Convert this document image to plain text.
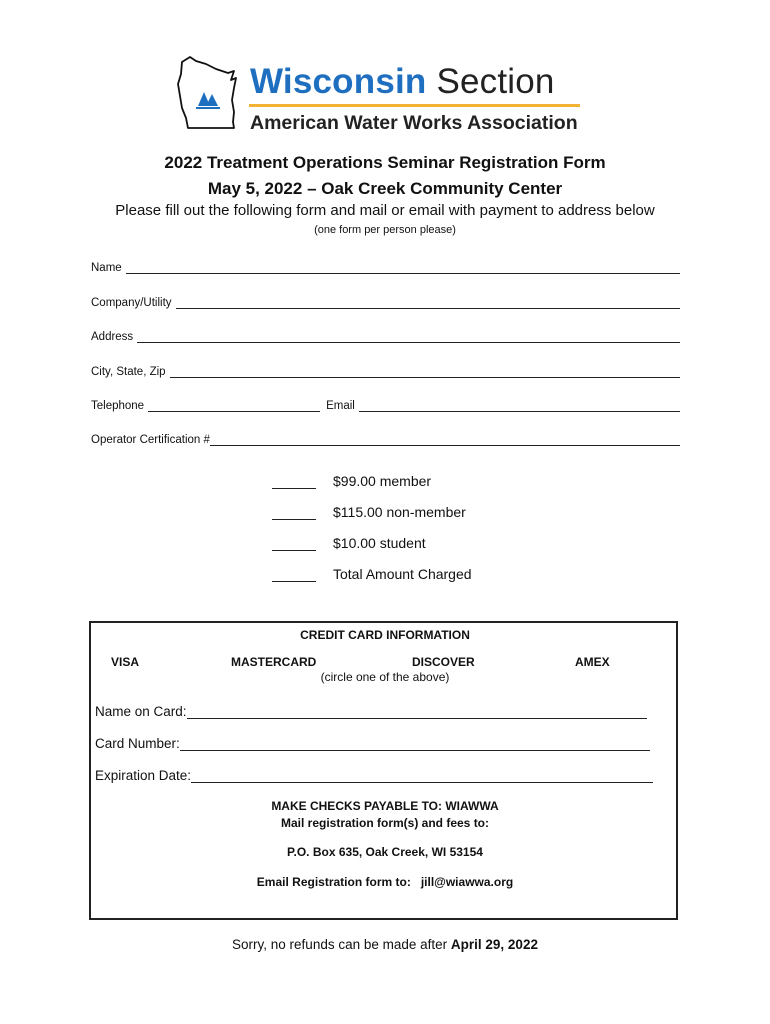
Wisconsin Section
American Water Works Association
2022 Treatment Operations Seminar Registration Form
May 5, 2022 – Oak Creek Community Center
Please fill out the following form and mail or email with payment to address below
(one form per person please)
Name
Company/Utility
Address
City, State, Zip
Telephone	Email
Operator Certification #
$99.00 member
$115.00 non-member
$10.00 student
Total Amount Charged
CREDIT CARD INFORMATION
VISA	MASTERCARD	DISCOVER	AMEX
(circle one of the above)
Name on Card:
Card Number:
Expiration Date:
MAKE CHECKS PAYABLE TO: WIAWWA
Mail registration form(s) and fees to:
P.O. Box 635, Oak Creek, WI 53154
Email Registration form to:   jill@wiawwa.org
Sorry, no refunds can be made after April 29, 2022
